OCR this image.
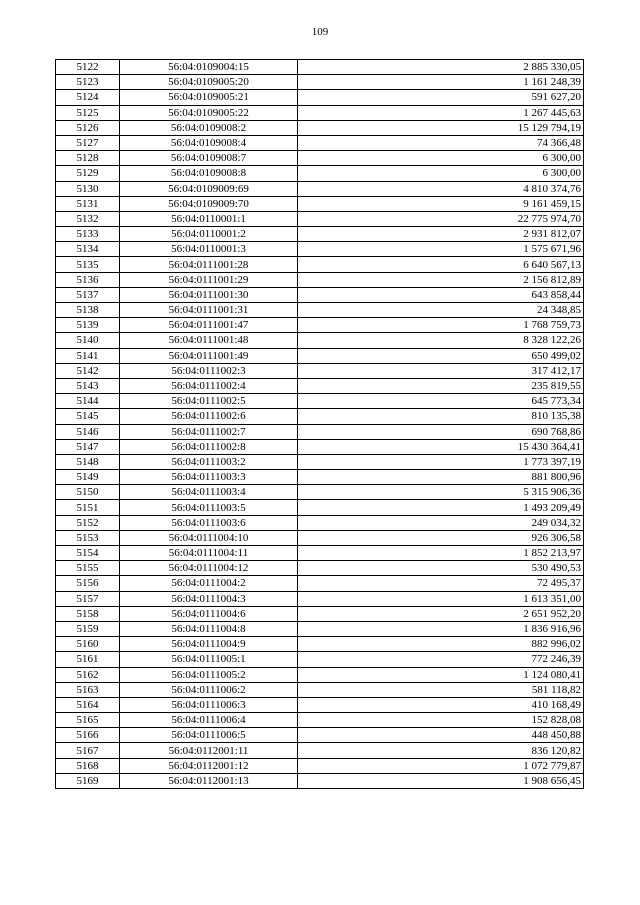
109
5122	56:04:0109004:15	2 885 330,05
5123	56:04:0109005:20	1 161 248,39
5124	56:04:0109005:21	591 627,20
5125	56:04:0109005:22	1 267 445,63
5126	56:04:0109008:2	15 129 794,19
5127	56:04:0109008:4	74 366,48
5128	56:04:0109008:7	6 300,00
5129	56:04:0109008:8	6 300,00
5130	56:04:0109009:69	4 810 374,76
5131	56:04:0109009:70	9 161 459,15
5132	56:04:0110001:1	22 775 974,70
5133	56:04:0110001:2	2 931 812,07
5134	56:04:0110001:3	1 575 671,96
5135	56:04:0111001:28	6 640 567,13
5136	56:04:0111001:29	2 156 812,89
5137	56:04:0111001:30	643 858,44
5138	56:04:0111001:31	24 348,85
5139	56:04:0111001:47	1 768 759,73
5140	56:04:0111001:48	8 328 122,26
5141	56:04:0111001:49	650 499,02
5142	56:04:0111002:3	317 412,17
5143	56:04:0111002:4	235 819,55
5144	56:04:0111002:5	645 773,34
5145	56:04:0111002:6	810 135,38
5146	56:04:0111002:7	690 768,86
5147	56:04:0111002:8	15 430 364,41
5148	56:04:0111003:2	1 773 397,19
5149	56:04:0111003:3	881 800,96
5150	56:04:0111003:4	5 315 906,36
5151	56:04:0111003:5	1 493 209,49
5152	56:04:0111003:6	249 034,32
5153	56:04:0111004:10	926 306,58
5154	56:04:0111004:11	1 852 213,97
5155	56:04:0111004:12	530 490,53
5156	56:04:0111004:2	72 495,37
5157	56:04:0111004:3	1 613 351,00
5158	56:04:0111004:6	2 651 952,20
5159	56:04:0111004:8	1 836 916,96
5160	56:04:0111004:9	882 996,02
5161	56:04:0111005:1	772 246,39
5162	56:04:0111005:2	1 124 080,41
5163	56:04:0111006:2	581 118,82
5164	56:04:0111006:3	410 168,49
5165	56:04:0111006:4	152 828,08
5166	56:04:0111006:5	448 450,88
5167	56:04:0112001:11	836 120,82
5168	56:04:0112001:12	1 072 779,87
5169	56:04:0112001:13	1 908 656,45
